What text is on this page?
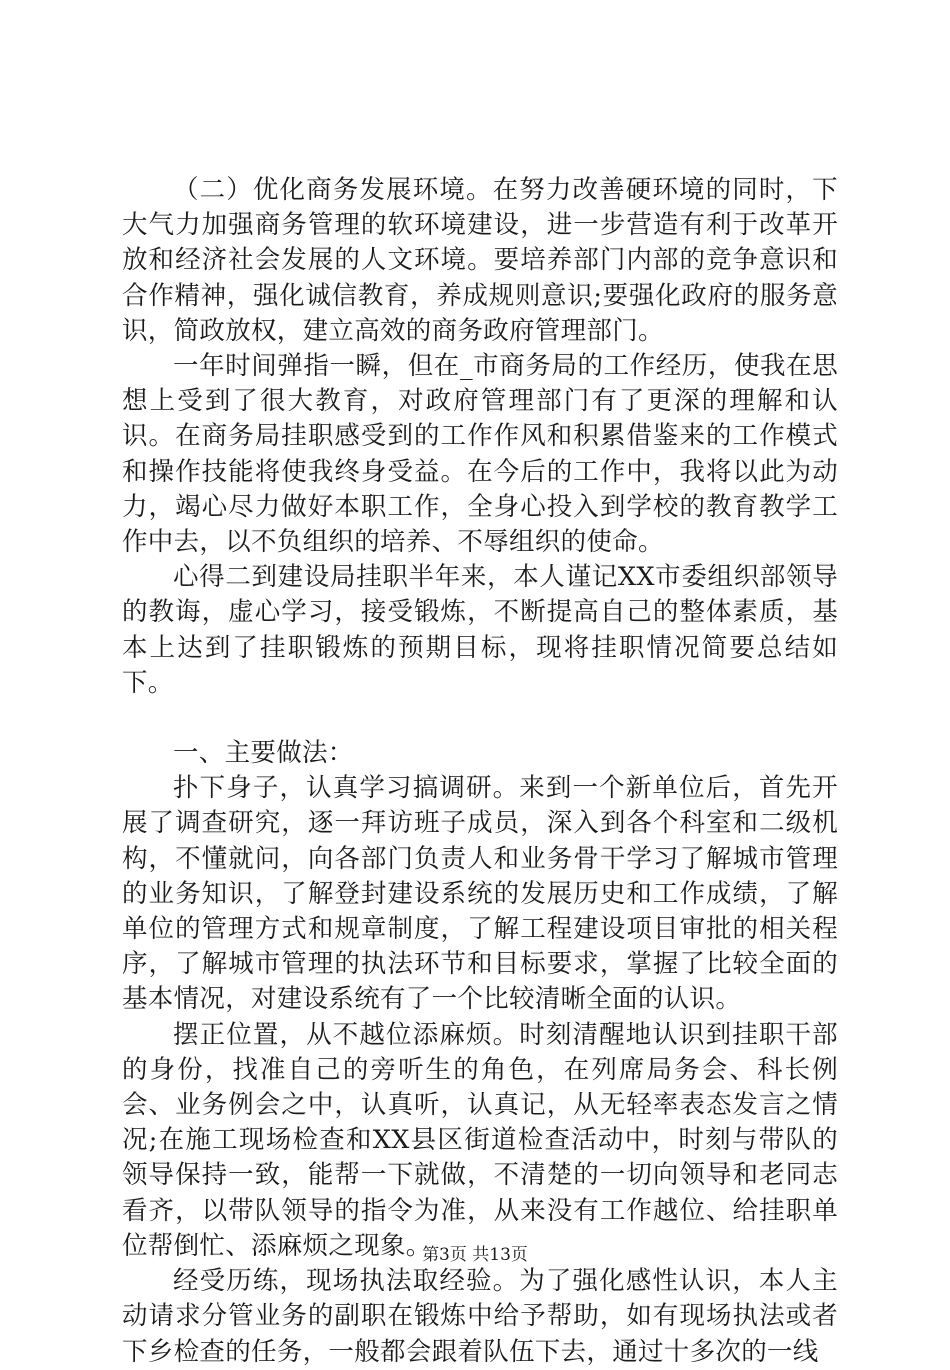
（二）优化商务发展环境。在努力改善硬环境的同时，下大气力加强商务管理的软环境建设，进一步营造有利于改革开放和经济社会发展的人文环境。要培养部门内部的竞争意识和合作精神，强化诚信教育，养成规则意识;要强化政府的服务意识，简政放权，建立高效的商务政府管理部门。

一年时间弹指一瞬，但在_市商务局的工作经历，使我在思想上受到了很大教育，对政府管理部门有了更深的理解和认识。在商务局挂职感受到的工作作风和积累借鉴来的工作模式和操作技能将使我终身受益。在今后的工作中，我将以此为动力，竭心尽力做好本职工作，全身心投入到学校的教育教学工作中去，以不负组织的培养、不辱组织的使命。

心得二到建设局挂职半年来，本人谨记XX市委组织部领导的教诲，虚心学习，接受锻炼，不断提高自己的整体素质，基本上达到了挂职锻炼的预期目标，现将挂职情况简要总结如下。

一、主要做法：

扑下身子，认真学习搞调研。来到一个新单位后，首先开展了调查研究，逐一拜访班子成员，深入到各个科室和二级机构，不懂就问，向各部门负责人和业务骨干学习了解城市管理的业务知识，了解登封建设系统的发展历史和工作成绩，了解单位的管理方式和规章制度，了解工程建设项目审批的相关程序，了解城市管理的执法环节和目标要求，掌握了比较全面的基本情况，对建设系统有了一个比较清晰全面的认识。

摆正位置，从不越位添麻烦。时刻清醒地认识到挂职干部的身份，找准自己的旁听生的角色，在列席局务会、科长例会、业务例会之中，认真听，认真记，从无轻率表态发言之情况;在施工现场检查和XX县区街道检查活动中，时刻与带队的领导保持一致，能帮一下就做，不清楚的一切向领导和老同志看齐，以带队领导的指令为准，从来没有工作越位、给挂职单位帮倒忙、添麻烦之现象。

经受历练，现场执法取经验。为了强化感性认识，本人主动请求分管业务的副职在锻炼中给予帮助，如有现场执法或者下乡检查的任务，一般都会跟着队伍下去，通过十多次的一线

第3页 共13页
